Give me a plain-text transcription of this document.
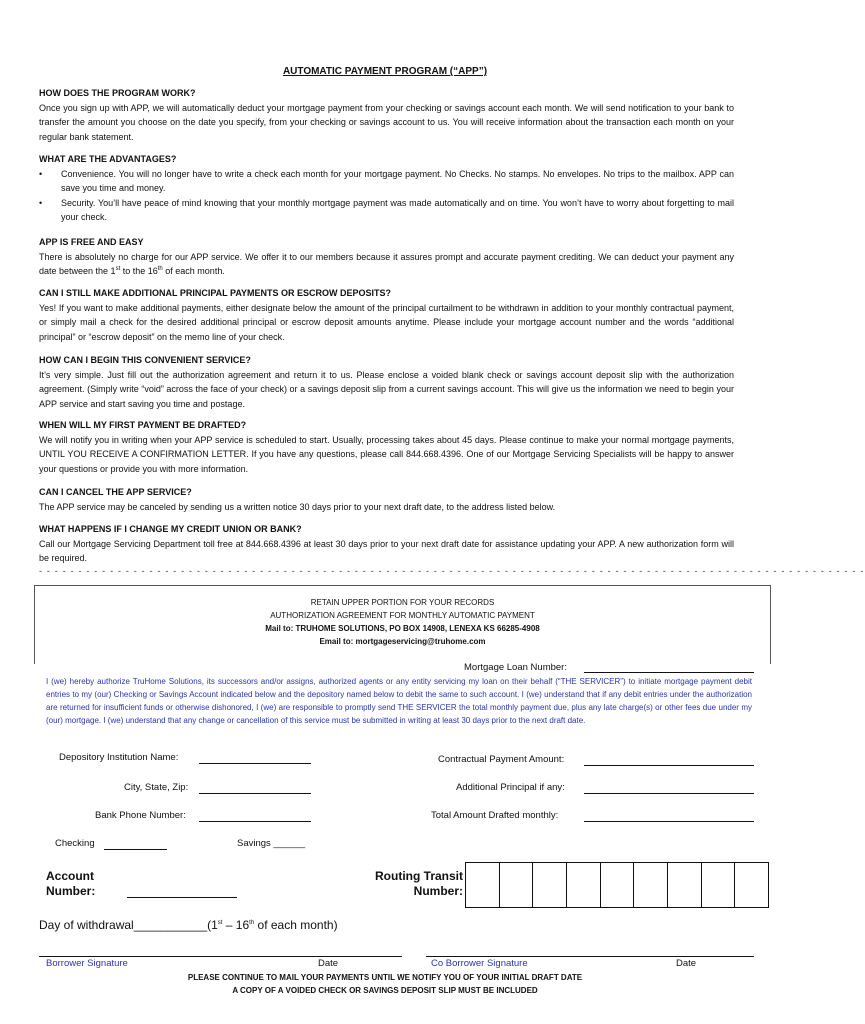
AUTOMATIC PAYMENT PROGRAM (“APP”)
HOW DOES THE PROGRAM WORK?

Once you sign up with APP, we will automatically deduct your mortgage payment from your checking or savings account each month. We will send notification to your bank to transfer the amount you choose on the date you specify, from your checking or savings account to us. You will receive information about the transaction each month on your regular bank statement.

WHAT ARE THE ADVANTAGES?
• Convenience. You will no longer have to write a check each month for your mortgage payment. No Checks. No stamps. No envelopes. No trips to the mailbox. APP can save you time and money.

• Security. You’ll have peace of mind knowing that your monthly mortgage payment was made automatically and on time. You won’t have to worry about forgetting to mail your check.

APP IS FREE AND EASY

There is absolutely no charge for our APP service. We offer it to our members because it assures prompt and accurate payment crediting. We can deduct your payment any date between the 1st to the 16th of each month.

CAN I STILL MAKE ADDITIONAL PRINCIPAL PAYMENTS OR ESCROW DEPOSITS?

Yes! If you want to make additional payments, either designate below the amount of the principal curtailment to be withdrawn in addition to your monthly contractual payment, or simply mail a check for the desired additional principal or escrow deposit amounts anytime. Please include your mortgage account number and the words “additional principal” or “escrow deposit” on the memo line of your check.

HOW CAN I BEGIN THIS CONVENIENT SERVICE?

It’s very simple. Just fill out the authorization agreement and return it to us. Please enclose a voided blank check or savings account deposit slip with the authorization agreement. (Simply write “void” across the face of your check) or a savings deposit slip from a current savings account. This will give us the information we need to begin your APP service and start saving you time and postage.

WHEN WILL MY FIRST PAYMENT BE DRAFTED?

We will notify you in writing when your APP service is scheduled to start. Usually, processing takes about 45 days. Please continue to make your normal mortgage payments, UNTIL YOU RECEIVE A CONFIRMATION LETTER. If you have any questions, please call 844.668.4396. One of our Mortgage Servicing Specialists will be happy to answer your questions or provide you with more information.

CAN I CANCEL THE APP SERVICE?

The APP service may be canceled by sending us a written notice 30 days prior to your next draft date, to the address listed below.

WHAT HAPPENS IF I CHANGE MY CREDIT UNION OR BANK?

Call our Mortgage Servicing Department toll free at 844.668.4396 at least 30 days prior to your next draft date for assistance updating your APP. A new authorization form will be required.

- - - - - - - - - - - - - - - - - - - - - - - - - - - - - - - - - - - - - - - - - - - - - - - - - - - - - - - - - - - - - - - - - - - - - - - - - - - - - - - - - - - - - - - - - - - - - - - - - - - - - - - - -
RETAIN UPPER PORTION FOR YOUR RECORDS
AUTHORIZATION AGREEMENT FOR MONTHLY AUTOMATIC PAYMENT
Mail to: TRUHOME SOLUTIONS, PO BOX 14908, LENEXA KS 66285-4908
Email to: mortgageservicing@truhome.com
Mortgage Loan Number:
I (we) hereby authorize TruHome Solutions, its successors and/or assigns, authorized agents or any entity servicing my loan on their behalf (“THE SERVICER”) to initiate mortgage payment debit entries to my (our) Checking or Savings Account indicated below and the depository named below to debit the same to such account. I (we) understand that if any debit entries under the authorization are returned for insufficient funds or otherwise dishonored, I (we) are responsible to promptly send THE SERVICER the total monthly payment due, plus any late charge(s) or other fees due under my (our) mortgage. I (we) understand that any change or cancellation of this service must be submitted in writing at least 30 days prior to the next draft date.
Depository Institution Name:
City, State, Zip:
Bank Phone Number:
Checking	Savings ______
Contractual Payment Amount:
Additional Principal if any:
Total Amount Drafted monthly:
Account
Number:
Routing Transit
Number:
Day of withdrawal___________(1st – 16th of each month)
Borrower Signature	Date	Co Borrower Signature	Date
PLEASE CONTINUE TO MAIL YOUR PAYMENTS UNTIL WE NOTIFY YOU OF YOUR INITIAL DRAFT DATE
A COPY OF A VOIDED CHECK OR SAVINGS DEPOSIT SLIP MUST BE INCLUDED
